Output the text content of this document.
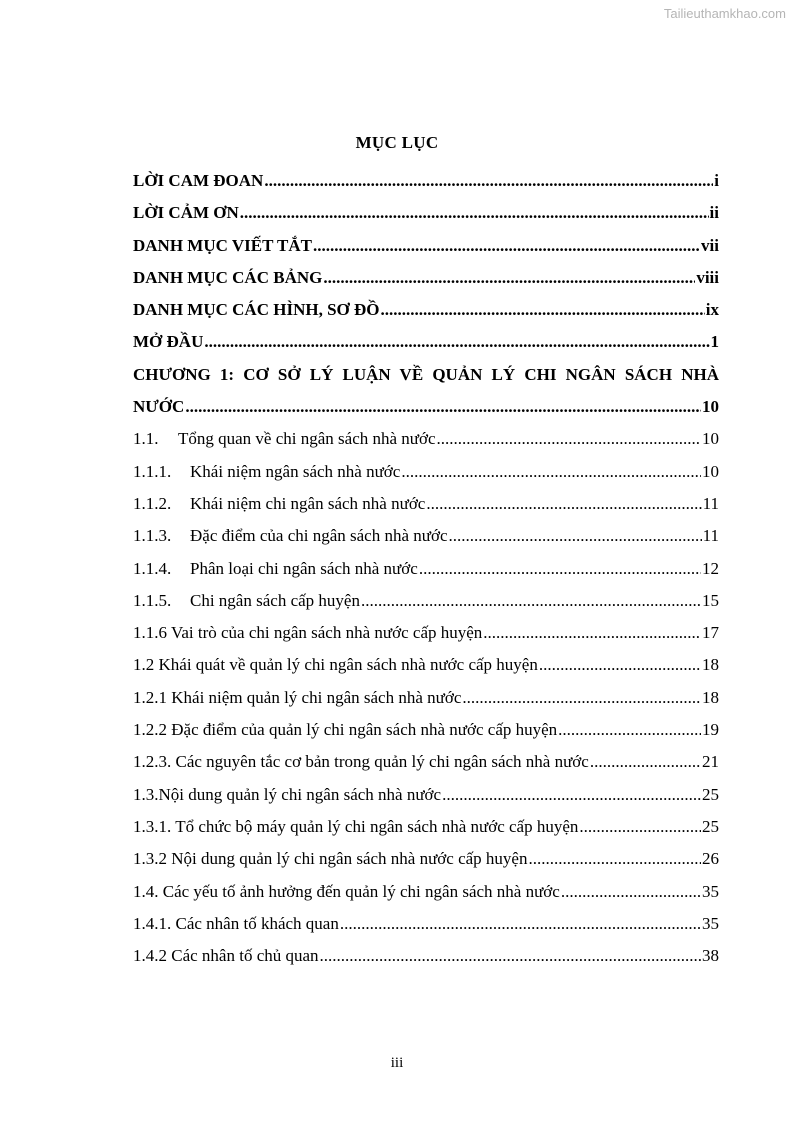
Tailieuthamkhao.com
MỤC LỤC
LỜI CAM ĐOAN .....	i
LỜI CẢM ƠN .....	ii
DANH MỤC VIẾT TẮT .....	vii
DANH MỤC CÁC BẢNG .....	viii
DANH MỤC CÁC HÌNH, SƠ ĐỒ .....	ix
MỞ ĐẦU .....	1
CHƯƠNG 1: CƠ SỞ LÝ LUẬN VỀ QUẢN LÝ CHI NGÂN SÁCH NHÀ
NƯỚC .....	10
1.1. Tổng quan về chi ngân sách nhà nước .....	10
1.1.1. Khái niệm ngân sách nhà nước .....	10
1.1.2. Khái niệm chi ngân sách nhà nước .....	11
1.1.3. Đặc điểm của chi ngân sách nhà nước .....	11
1.1.4. Phân loại chi ngân sách nhà nước .....	12
1.1.5. Chi ngân sách cấp huyện .....	15
1.1.6 Vai trò của chi ngân sách nhà nước cấp huyện .....	17
1.2 Khái quát về quản lý chi ngân sách nhà nước cấp huyện .....	18
1.2.1 Khái niệm quản lý chi ngân sách nhà nước .....	18
1.2.2 Đặc điểm của quản lý chi ngân sách nhà nước cấp huyện .....	19
1.2.3. Các nguyên tắc cơ bản trong quản lý chi ngân sách nhà nước .....	21
1.3.Nội dung quản lý chi ngân sách nhà nước .....	25
1.3.1. Tổ chức bộ máy quản lý chi ngân sách nhà nước cấp huyện .....	25
1.3.2 Nội dung quản lý chi ngân sách nhà nước cấp huyện .....	26
1.4. Các yếu tố ảnh hưởng đến quản lý chi ngân sách nhà nước .....	35
1.4.1. Các nhân tố khách quan .....	35
1.4.2 Các nhân tố chủ quan .....	38
iii
